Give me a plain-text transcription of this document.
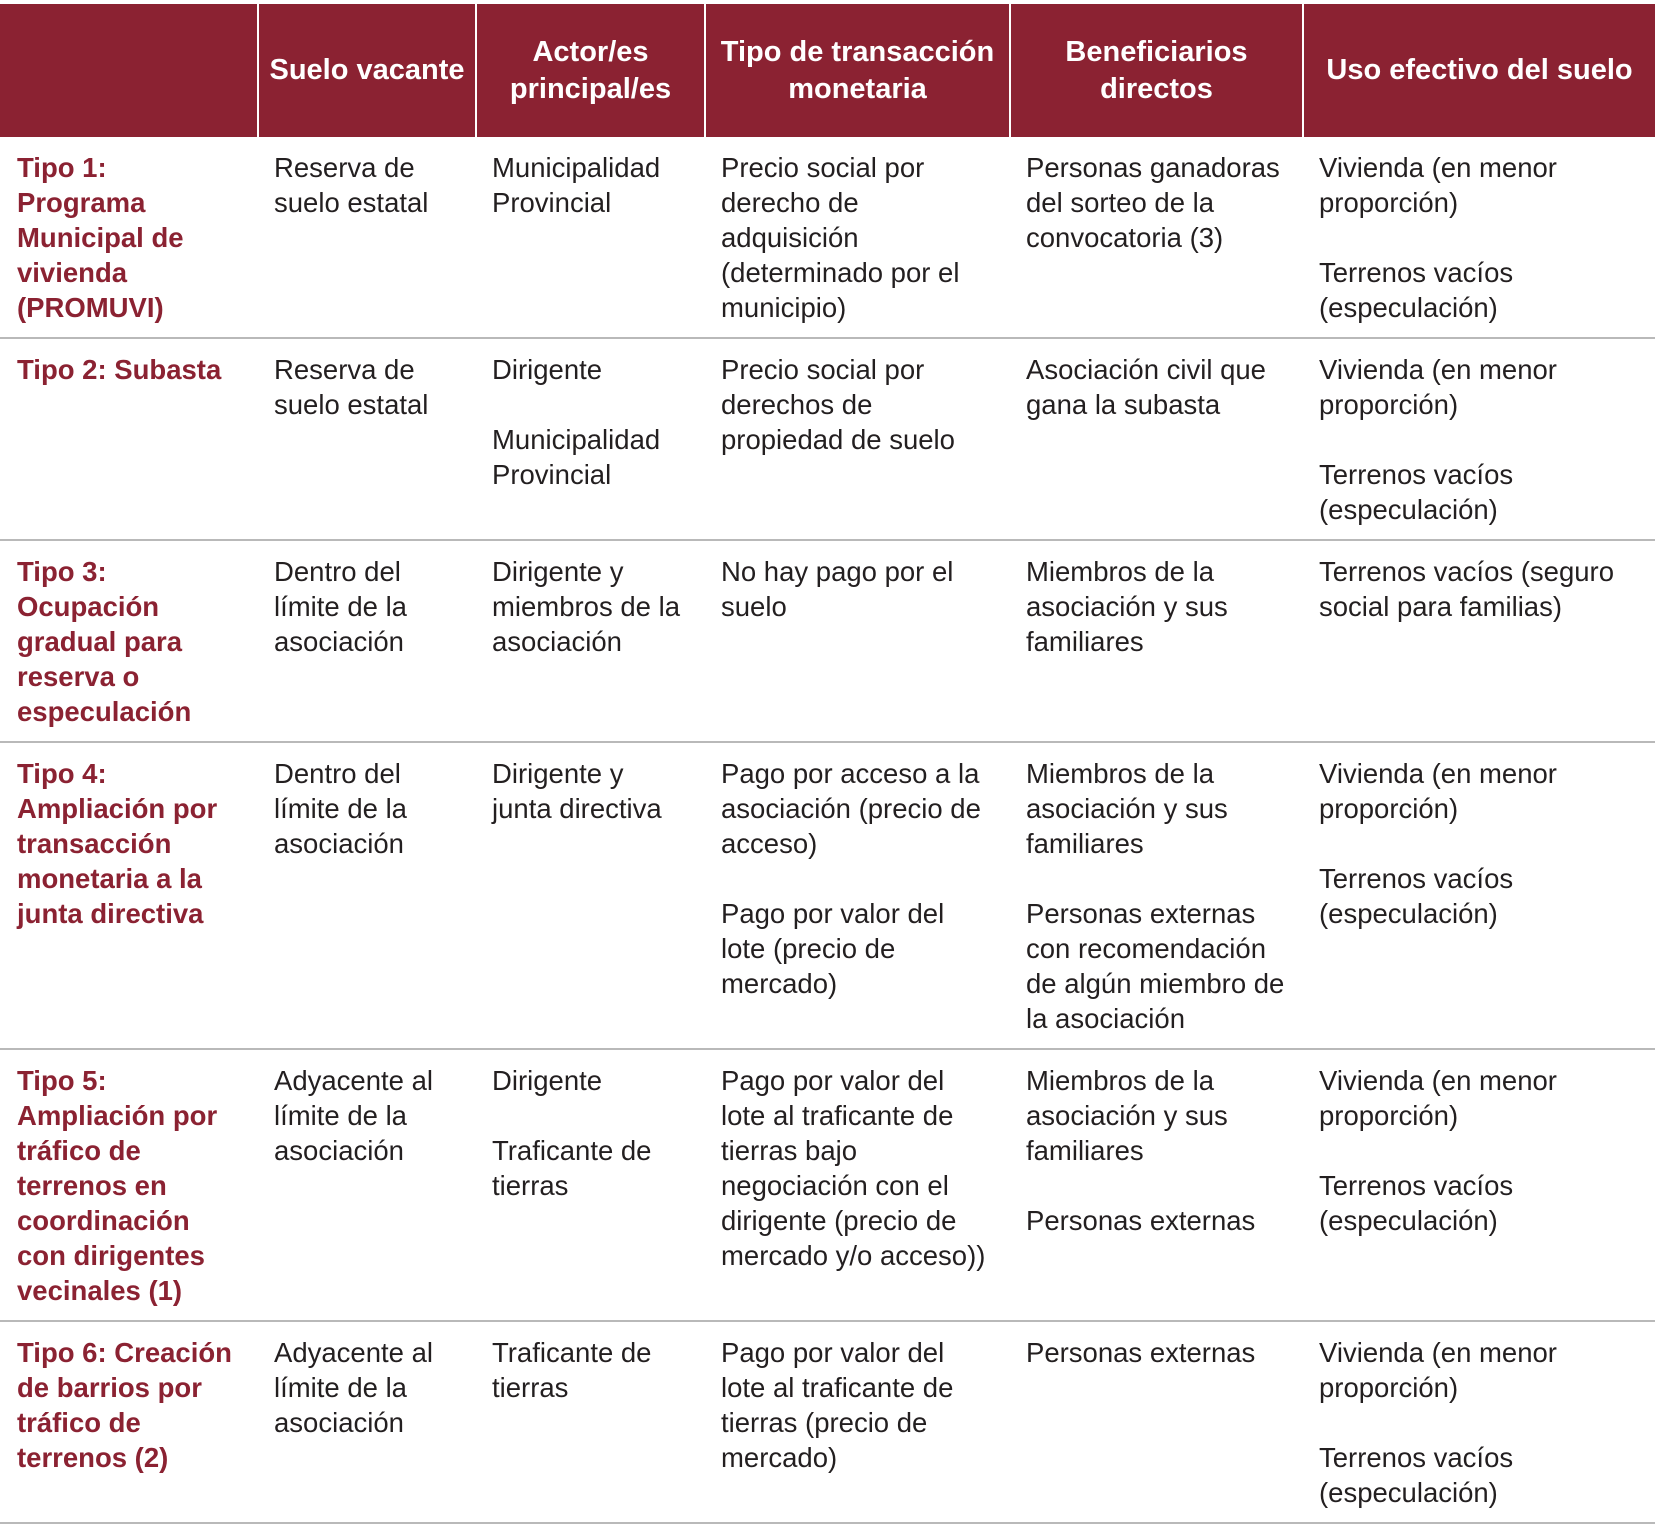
	Suelo vacante	Actor/es principal/es	Tipo de transacción monetaria	Beneficiarios directos	Uso efectivo del suelo
Tipo 1: Programa Municipal de vivienda (PROMUVI)	Reserva de suelo estatal	Municipalidad Provincial	Precio social por derecho de adquisición (determinado por el municipio)	Personas ganadoras del sorteo de la convocatoria (3)	Vivienda (en menor proporción)
Terrenos vacíos (especulación)

Tipo 2: Subasta	Reserva de suelo estatal	Dirigente
Municipalidad Provincial	Precio social por derechos de propiedad de suelo	Asociación civil que gana la subasta	Vivienda (en menor proporción)
Terrenos vacíos (especulación)

Tipo 3: Ocupación gradual para reserva o especulación	Dentro del límite de la asociación	Dirigente y miembros de la asociación	No hay pago por el suelo	Miembros de la asociación y sus familiares	Terrenos vacíos (seguro social para familias)

Tipo 4: Ampliación por transacción monetaria a la junta directiva	Dentro del límite de la asociación	Dirigente y junta directiva	Pago por acceso a la asociación (precio de acceso)
Pago por valor del lote (precio de mercado)	Miembros de la asociación y sus familiares
Personas externas con recomendación de algún miembro de la asociación	Vivienda (en menor proporción)
Terrenos vacíos (especulación)

Tipo 5: Ampliación por tráfico de terrenos en coordinación con dirigentes vecinales (1)	Adyacente al límite de la asociación	Dirigente
Traficante de tierras	Pago por valor del lote al traficante de tierras bajo negociación con el dirigente (precio de mercado y/o acceso))	Miembros de la asociación y sus familiares
Personas externas	Vivienda (en menor proporción)
Terrenos vacíos (especulación)

Tipo 6: Creación de barrios por tráfico de terrenos (2)	Adyacente al límite de la asociación	Traficante de tierras	Pago por valor del lote al traficante de tierras (precio de mercado)	Personas externas	Vivienda (en menor proporción)
Terrenos vacíos (especulación)
